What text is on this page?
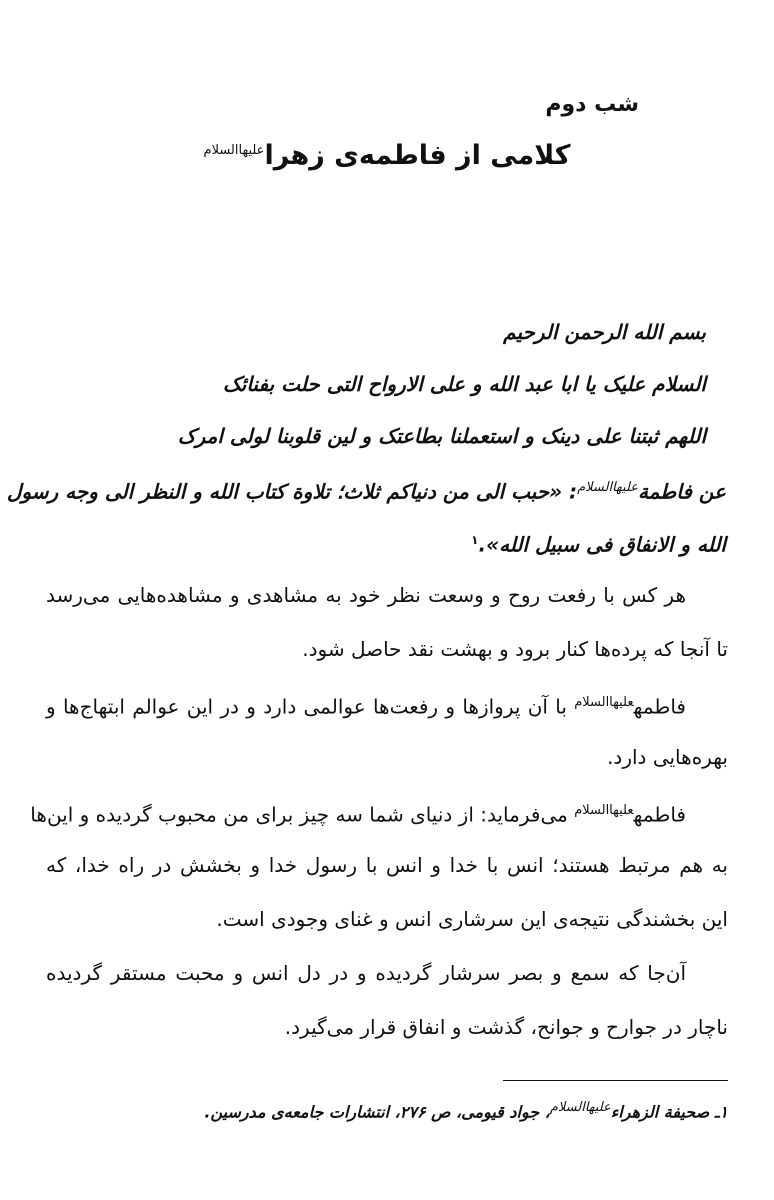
شب دوم
کلامی از فاطمه‌ی زهرا$^{علیهاالسلام}$
بسم الله الرحمن الرحیم
السلام علیک یا ابا عبد الله و علی الارواح التی حلت بفنائک
اللهم ثبتنا علی دینک و استعملنا بطاعتک و لین قلوبنا لولی امرک
عن فاطمة$^{علیهاالسلام}$: «حبب الی من دنیاکم ثلاث؛ تلاوة کتاب الله و النظر الی وجه رسول
الله و الانفاق فی سبیل الله».$^۱$
هر کس با رفعت روح و وسعت نظر خود به مشاهدی و مشاهده‌هایی می‌رسد
تا آنجا که پرده‌ها کنار برود و بهشت نقد حاصل شود.
فاطمه$^{علیهاالسلام}$ با آن پروازها و رفعت‌ها عوالمی دارد و در این عوالم ابتهاج‌ها و
بهره‌هایی دارد.
فاطمه$^{علیهاالسلام}$ می‌فرماید: از دنیای شما سه چیز برای من محبوب گردیده و این‌ها
به هم مرتبط هستند؛ انس با خدا و انس با رسول خدا و بخشش در راه خدا، که
این بخشندگی نتیجه‌ی این سرشاری انس و غنای وجودی است.
آن‌جا که سمع و بصر سرشار گردیده و در دل انس و محبت مستقر گردیده
ناچار در جوارح و جوانح، گذشت و انفاق قرار می‌گیرد.
۱ـ صحیفة الزهراء$^{علیهاالسلام}$، جواد قیومی، ص ۲۷۶، انتشارات جامعه‌ی مدرسین.
